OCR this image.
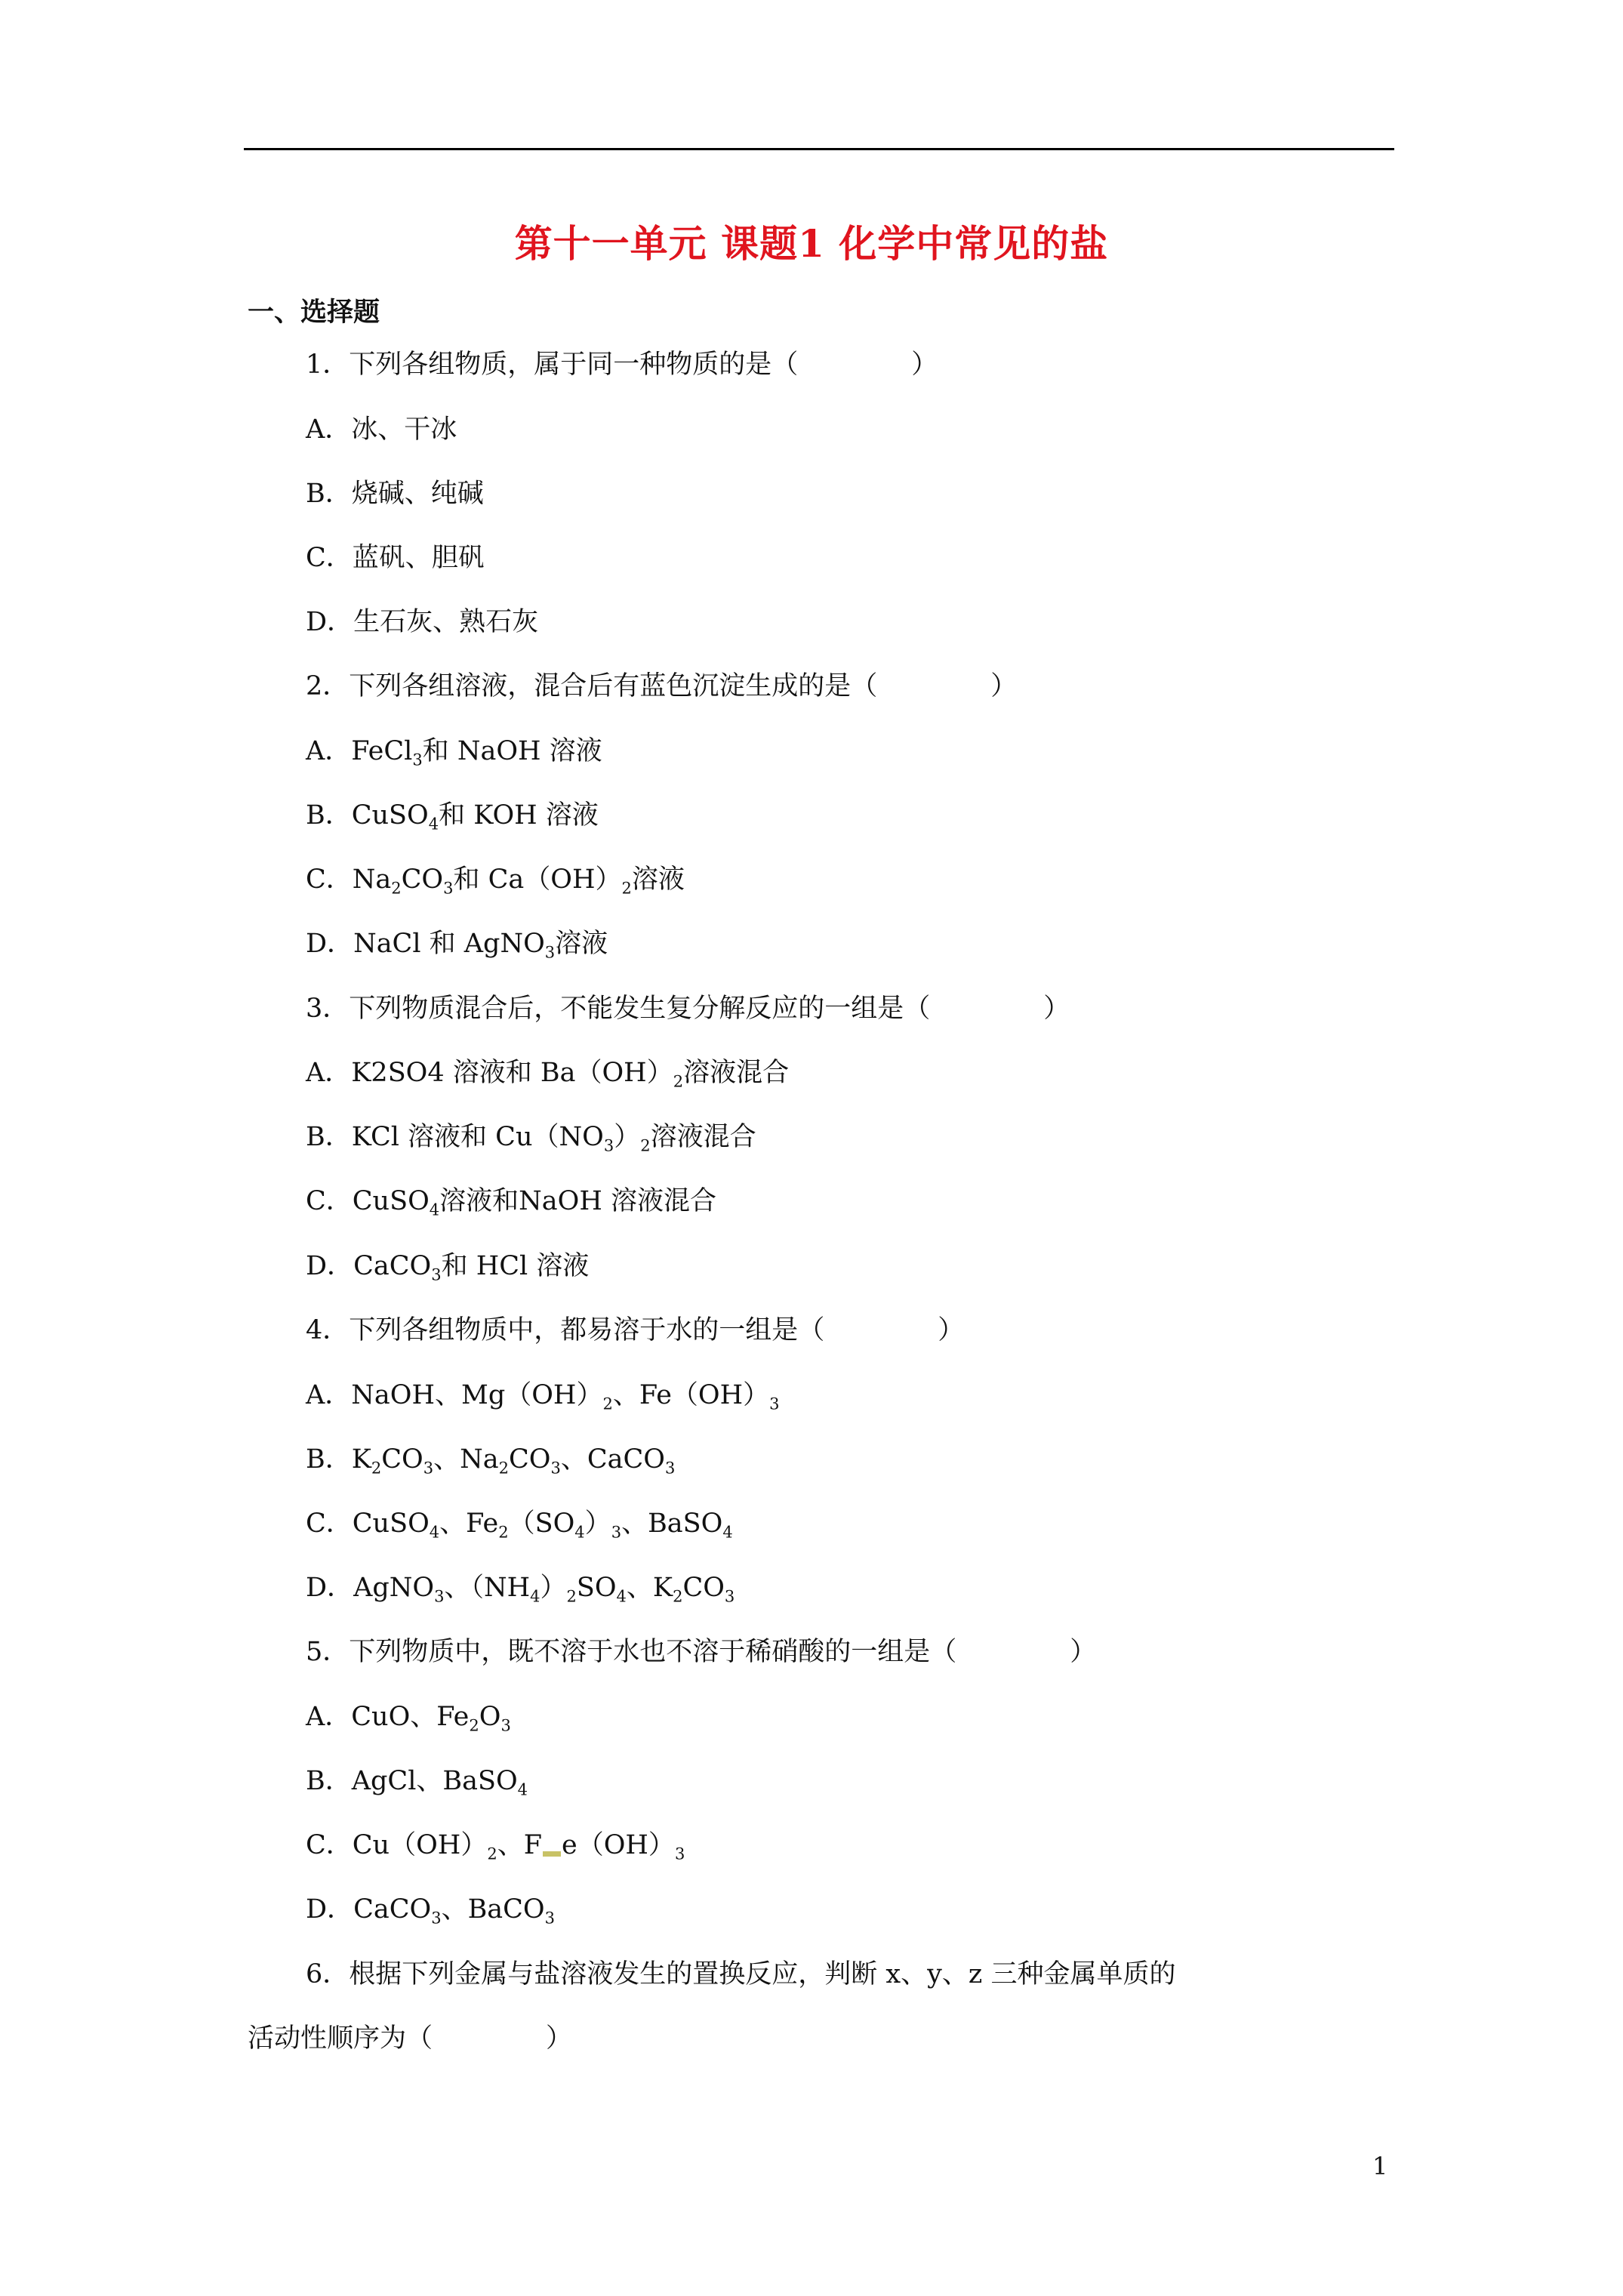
第十一单元 课题1 化学中常见的盐
一、选择题
1．下列各组物质，属于同一种物质的是（	）
A．冰、干冰
B．烧碱、纯碱
C．蓝矾、胆矾
D．生石灰、熟石灰
2．下列各组溶液，混合后有蓝色沉淀生成的是（	）
A．FeCl$_3$和 NaOH 溶液
B．CuSO$_4$和 KOH 溶液
C．$Na_2CO_3$和 $Ca(OH)_2$溶液
D．NaCl 和 AgNO$_3$溶液
3．下列物质混合后，不能发生复分解反应的一组是（	）
A．K2SO4 溶液和 $Ba(OH)_2$溶液混合
B．KCl 溶液和 $Cu(NO_3)_2$溶液混合
C．CuSO$_4$溶液和NaOH 溶液混合
D．CaCO$_3$和 HCl 溶液
4．下列各组物质中，都易溶于水的一组是（	）
A．NaOH、$Mg(OH)_2$、$Fe(OH)_3$
B．$K_2CO_3$、$Na_2CO_3$、CaCO$_3$
C．CuSO$_4$、$Fe_2(SO_4)_3$、BaSO$_4$
D．AgNO$_3$、$(NH_4)_2SO_4$、$K_2CO_3$
5．下列物质中，既不溶于水也不溶于稀硝酸的一组是（	）
A．CuO、$Fe_2O_3$
B．AgCl、BaSO$_4$
C．$Cu(OH)_2$、F $e(OH)_3$
D．CaCO$_3$、BaCO$_3$
6．根据下列金属与盐溶液发生的置换反应，判断 x、y、z 三种金属单质的
活动性顺序为（	）
1
